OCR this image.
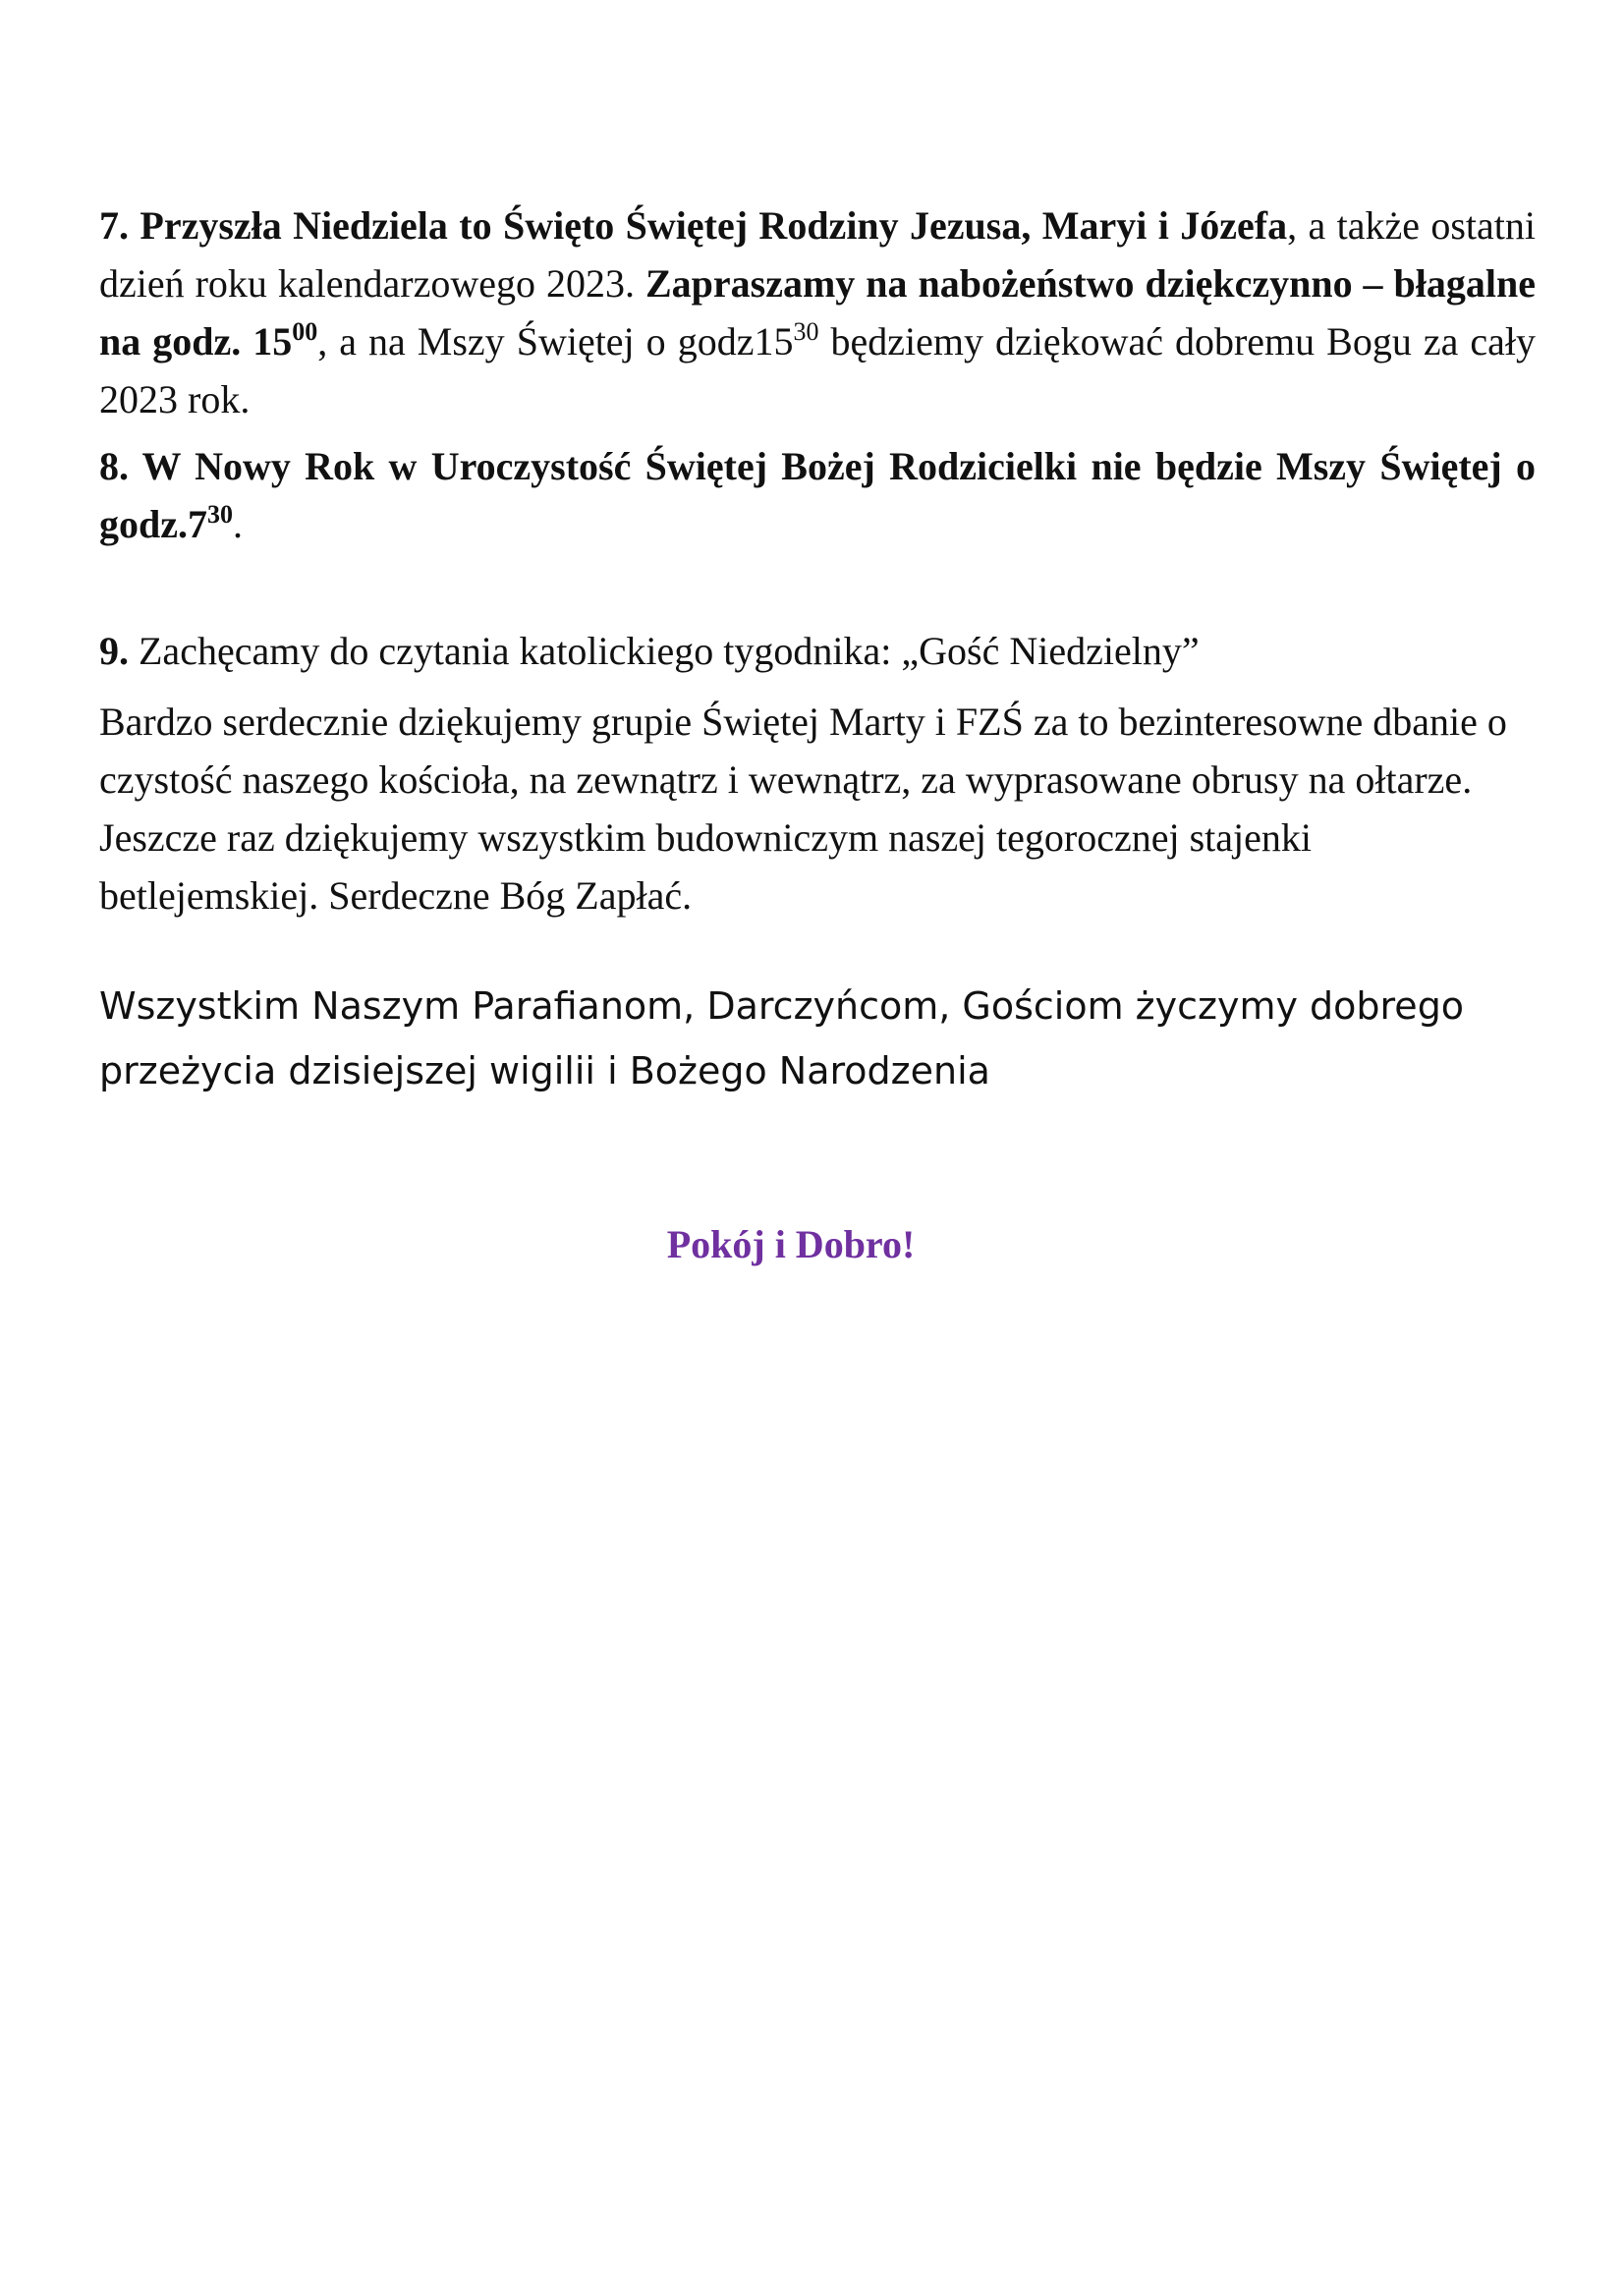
7. Przyszła Niedziela to Święto Świętej Rodziny Jezusa, Maryi i Józefa, a także ostatni dzień roku kalendarzowego 2023. Zapraszamy na nabożeństwo dziękczynno – błagalne na godz. $15^{00}$, a na Mszy Świętej o $godz15^{30}$ będziemy dziękować dobremu Bogu za cały 2023 rok.

8. W Nowy Rok w Uroczystość Świętej Bożej Rodzicielki nie będzie Mszy Świętej o $godz.7^{30}$.

9. Zachęcamy do czytania katolickiego tygodnika: „Gość Niedzielny”

Bardzo serdecznie dziękujemy grupie Świętej Marty i FZŚ za to bezinteresowne dbanie o czystość naszego kościoła, na zewnątrz i wewnątrz, za wyprasowane obrusy na ołtarze. Jeszcze raz dziękujemy wszystkim budowniczym naszej tegorocznej stajenki betlejemskiej. Serdeczne Bóg Zapłać.

Wszystkim Naszym Parafianom, Darczyńcom, Gościom życzymy dobrego
przeżycia dzisiejszej wigilii i Bożego Narodzenia
Pokój i Dobro!
